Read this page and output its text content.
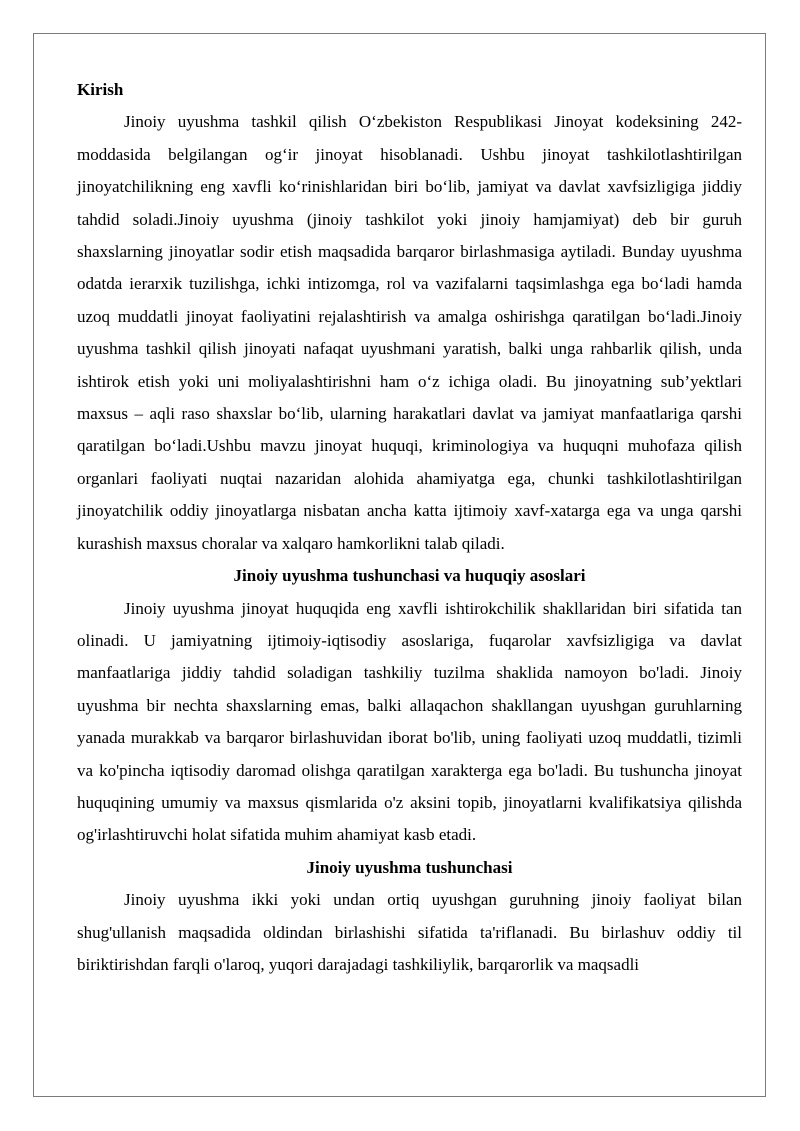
Kirish

Jinoiy uyushma tashkil qilish O‘zbekiston Respublikasi Jinoyat kodeksining 242-moddasida belgilangan og‘ir jinoyat hisoblanadi. Ushbu jinoyat tashkilotlashtirilgan jinoyatchilikning eng xavfli ko‘rinishlaridan biri bo‘lib, jamiyat va davlat xavfsizligiga jiddiy tahdid soladi.Jinoiy uyushma (jinoiy tashkilot yoki jinoiy hamjamiyat) deb bir guruh shaxslarning jinoyatlar sodir etish maqsadida barqaror birlashmasiga aytiladi. Bunday uyushma odatda ierarxik tuzilishga, ichki intizomga, rol va vazifalarni taqsimlashga ega bo‘ladi hamda uzoq muddatli jinoyat faoliyatini rejalashtirish va amalga oshirishga qaratilgan bo‘ladi.Jinoiy uyushma tashkil qilish jinoyati nafaqat uyushmani yaratish, balki unga rahbarlik qilish, unda ishtirok etish yoki uni moliyalashtirishni ham o‘z ichiga oladi. Bu jinoyatning sub’yektlari maxsus – aqli raso shaxslar bo‘lib, ularning harakatlari davlat va jamiyat manfaatlariga qarshi qaratilgan bo‘ladi.Ushbu mavzu jinoyat huquqi, kriminologiya va huquqni muhofaza qilish organlari faoliyati nuqtai nazaridan alohida ahamiyatga ega, chunki tashkilotlashtirilgan jinoyatchilik oddiy jinoyatlarga nisbatan ancha katta ijtimoiy xavf-xatarga ega va unga qarshi kurashish maxsus choralar va xalqaro hamkorlikni talab qiladi.

Jinoiy uyushma tushunchasi va huquqiy asoslari

Jinoiy uyushma jinoyat huquqida eng xavfli ishtirokchilik shakllaridan biri sifatida tan olinadi. U jamiyatning ijtimoiy-iqtisodiy asoslariga, fuqarolar xavfsizligiga va davlat manfaatlariga jiddiy tahdid soladigan tashkiliy tuzilma shaklida namoyon bo'ladi. Jinoiy uyushma bir nechta shaxslarning emas, balki allaqachon shakllangan uyushgan guruhlarning yanada murakkab va barqaror birlashuvidan iborat bo'lib, uning faoliyati uzoq muddatli, tizimli va ko'pincha iqtisodiy daromad olishga qaratilgan xarakterga ega bo'ladi. Bu tushuncha jinoyat huquqining umumiy va maxsus qismlarida o'z aksini topib, jinoyatlarni kvalifikatsiya qilishda og'irlashtiruvchi holat sifatida muhim ahamiyat kasb etadi.

Jinoiy uyushma tushunchasi

Jinoiy uyushma ikki yoki undan ortiq uyushgan guruhning jinoiy faoliyat bilan shug'ullanish maqsadida oldindan birlashishi sifatida ta'riflanadi. Bu birlashuv oddiy til biriktirishdan farqli o'laroq, yuqori darajadagi tashkiliylik, barqarorlik va maqsadli
